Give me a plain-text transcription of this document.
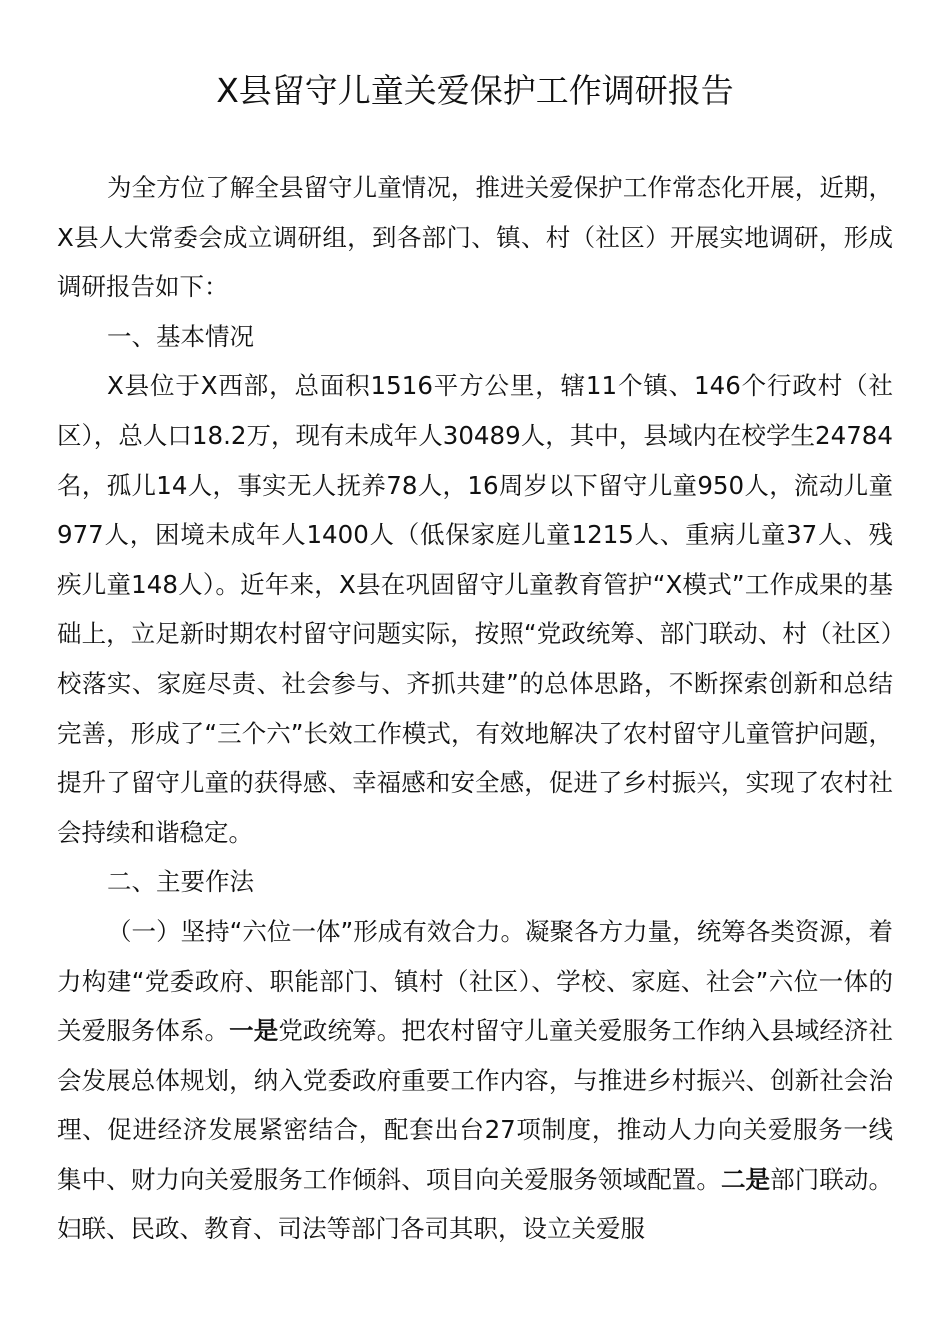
X县留守儿童关爱保护工作调研报告

为全方位了解全县留守儿童情况，推进关爱保护工作常态化开展，近期，X县人大常委会成立调研组，到各部门、镇、村（社区）开展实地调研，形成调研报告如下：

一、基本情况

X县位于X西部，总面积1516平方公里，辖11个镇、146个行政村（社区），总人口18.2万，现有未成年人30489人，其中，县域内在校学生24784名，孤儿14人，事实无人抚养78人，16周岁以下留守儿童950人，流动儿童977人，困境未成年人1400人（低保家庭儿童1215人、重病儿童37人、残疾儿童148人）。近年来，X县在巩固留守儿童教育管护“X模式”工作成果的基础上，立足新时期农村留守问题实际，按照“党政统筹、部门联动、村（社区）校落实、家庭尽责、社会参与、齐抓共建”的总体思路，不断探索创新和总结完善，形成了“三个六”长效工作模式，有效地解决了农村留守儿童管护问题，提升了留守儿童的获得感、幸福感和安全感，促进了乡村振兴，实现了农村社会持续和谐稳定。

二、主要作法

（一）坚持“六位一体”形成有效合力。凝聚各方力量，统筹各类资源，着力构建“党委政府、职能部门、镇村（社区）、学校、家庭、社会”六位一体的关爱服务体系。一是党政统筹。把农村留守儿童关爱服务工作纳入县域经济社会发展总体规划，纳入党委政府重要工作内容，与推进乡村振兴、创新社会治理、促进经济发展紧密结合，配套出台27项制度，推动人力向关爱服务一线集中、财力向关爱服务工作倾斜、项目向关爱服务领域配置。二是部门联动。妇联、民政、教育、司法等部门各司其职，设立关爱服
